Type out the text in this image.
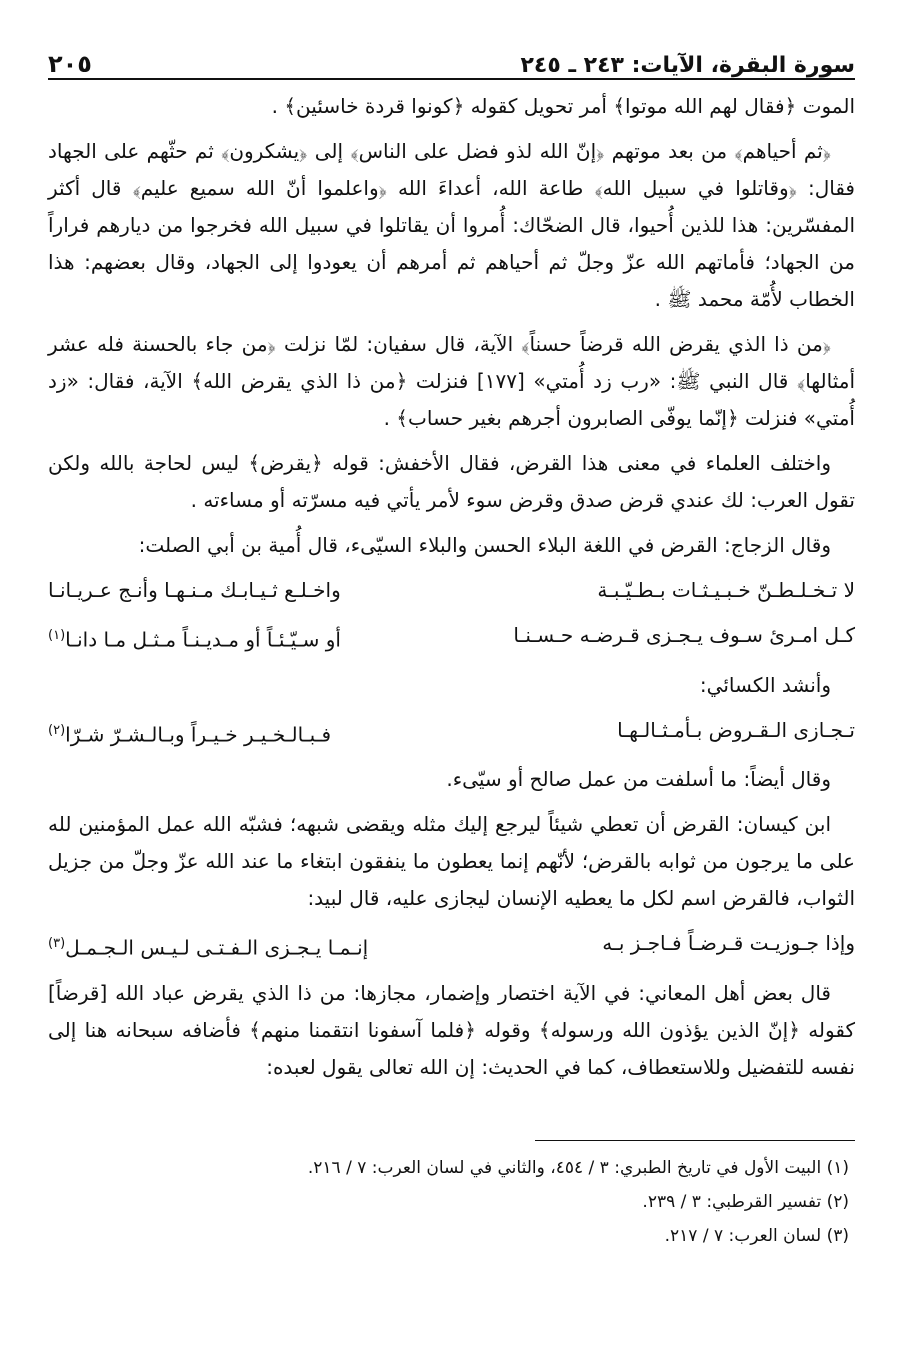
سورة البقرة، الآيات: ٢٤٣ ـ ٢٤٥
٢٠٥

الموت ﴿فقال لهم الله موتوا﴾ أمر تحويل كقوله ﴿كونوا قردة خاسئين﴾ .

﴿ثم أحياهم﴾ من بعد موتهم ﴿إنّ الله لذو فضل على الناس﴾ إلى ﴿يشكرون﴾ ثم حثّهم على الجهاد فقال: ﴿وقاتلوا في سبيل الله﴾ طاعة الله، أعداءَ الله ﴿واعلموا أنّ الله سميع عليم﴾ قال أكثر المفسّرين: هذا للذين أُحيوا، قال الضحّاك: أُمروا أن يقاتلوا في سبيل الله فخرجوا من ديارهم فراراً من الجهاد؛ فأماتهم الله عزّ وجلّ ثم أحياهم ثم أمرهم أن يعودوا إلى الجهاد، وقال بعضهم: هذا الخطاب لأُمّة محمد ﷺ .

﴿من ذا الذي يقرض الله قرضاً حسناً﴾ الآية، قال سفيان: لمّا نزلت ﴿من جاء بالحسنة فله عشر أمثالها﴾ قال النبي ﷺ: «رب زد أُمتي» [١٧٧] فنزلت ﴿من ذا الذي يقرض الله﴾ الآية، فقال: «زد أُمتي» فنزلت ﴿إنّما يوفّى الصابرون أجرهم بغير حساب﴾ .

واختلف العلماء في معنى هذا القرض، فقال الأخفش: قوله ﴿يقرض﴾ ليس لحاجة بالله ولكن تقول العرب: لك عندي قرض صدق وقرض سوء لأمر يأتي فيه مسرّته أو مساءته .

وقال الزجاج: القرض في اللغة البلاء الحسن والبلاء السيّىء، قال أُمية بن أبي الصلت:

لا تـخـلـطـنّ خـبـيـثـات بـطـيّـبـة
واخـلـع ثـيـابـك مـنـهـا وأنـج عـريـانـا
كـل امـرئ سـوف يـجـزى قـرضـه حـسـنـا
أو سـيّـئـاً أو مـديـنـاً مـثـل مـا دانـا$^{(١)}$

وأنشد الكسائي:

تـجـازى الـقـروض بـأمـثـالـهـا
فـبـالـخـيـر خـيـراً وبـالـشـرّ شـرّا$^{(٢)}$

وقال أيضاً: ما أسلفت من عمل صالح أو سيّىء.

ابن كيسان: القرض أن تعطي شيئاً ليرجع إليك مثله ويقضى شبهه؛ فشبّه الله عمل المؤمنين لله على ما يرجون من ثوابه بالقرض؛ لأنّهم إنما يعطون ما ينفقون ابتغاء ما عند الله عزّ وجلّ من جزيل الثواب، فالقرض اسم لكل ما يعطيه الإنسان ليجازى عليه، قال لبيد:

وإذا جـوزيـت قـرضـاً فـاجـز بـه
إنـمـا يـجـزى الـفـتـى لـيـس الـجـمـل$^{(٣)}$

قال بعض أهل المعاني: في الآية اختصار وإضمار، مجازها: من ذا الذي يقرض عباد الله [قرضاً] كقوله ﴿إنّ الذين يؤذون الله ورسوله﴾ وقوله ﴿فلما آسفونا انتقمنا منهم﴾ فأضافه سبحانه هنا إلى نفسه للتفضيل وللاستعطاف، كما في الحديث: إن الله تعالى يقول لعبده:

(١) البيت الأول في تاريخ الطبري: ٣ / ٤٥٤، والثاني في لسان العرب: ٧ / ٢١٦.
(٢) تفسير القرطبي: ٣ / ٢٣٩.
(٣) لسان العرب: ٧ / ٢١٧.
